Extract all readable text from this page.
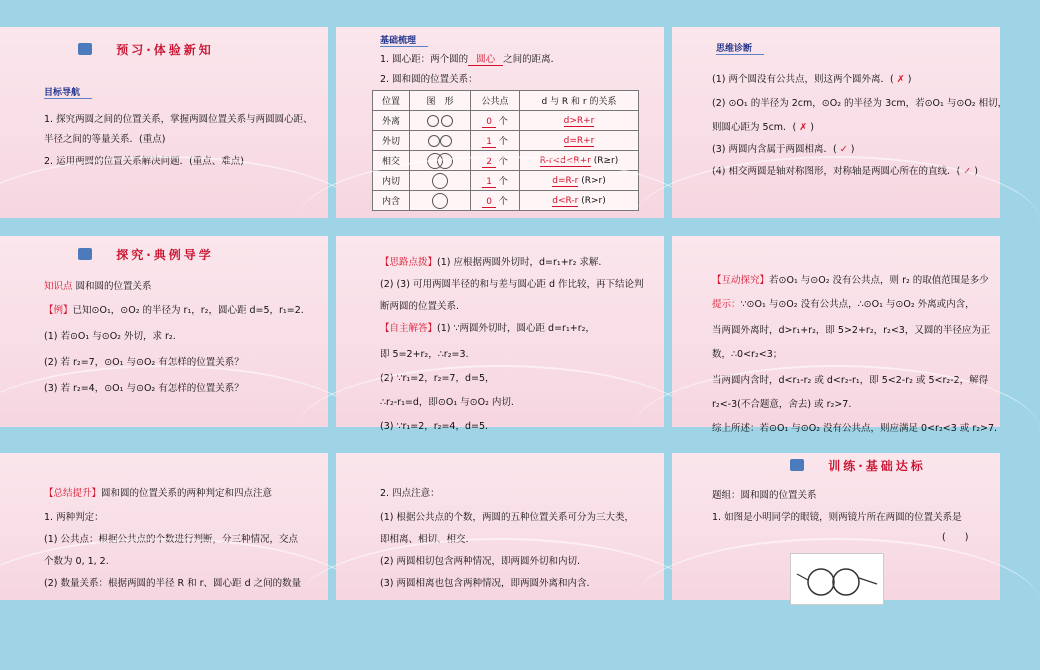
预习·体验新知
目标导航
1. 探究两圆之间的位置关系，掌握两圆位置关系与两圆圆心距、
半径之间的等量关系．(重点)
2. 运用两圆的位置关系解决问题．(重点、难点)
基础梳理
1. 圆心距：两个圆的 圆心 之间的距离．
2. 圆和圆的位置关系：
位置	图　形	公共点	d 与 R 和 r 的关系
外离		0 个	d>R+r
外切		1 个	d=R+r
相交		2 个	R-r<d<R+r (R≥r)
内切		1 个	d=R-r (R>r)
内含		0 个	d<R-r (R>r)
思维诊断
(1) 两个圆没有公共点，则这两个圆外离．( ✗ )
(2) ⊙O₁ 的半径为 2cm，⊙O₂ 的半径为 3cm，若⊙O₁ 与⊙O₂ 相切，
则圆心距为 5cm．( ✗ )
(3) 两圆内含属于两圆相离．( ✓ )
(4) 相交两圆是轴对称图形，对称轴是两圆心所在的直线．( ✓ )
探究·典例导学
知识点 圆和圆的位置关系
【例】已知⊙O₁，⊙O₂ 的半径为 r₁，r₂，圆心距 d=5，r₁=2.
(1) 若⊙O₁ 与⊙O₂ 外切，求 r₂.
(2) 若 r₂=7，⊙O₁ 与⊙O₂ 有怎样的位置关系？
(3) 若 r₂=4，⊙O₁ 与⊙O₂ 有怎样的位置关系？
【思路点拨】(1) 应根据两圆外切时，d=r₁+r₂ 求解.
(2) (3) 可用两圆半径的和与差与圆心距 d 作比较，再下结论判
断两圆的位置关系.
【自主解答】(1) ∵两圆外切时，圆心距 d=r₁+r₂，
即 5=2+r₂，∴r₂=3.
(2) ∵r₁=2，r₂=7，d=5，
∴r₂-r₁=d，即⊙O₁ 与⊙O₂ 内切.
(3) ∵r₁=2，r₂=4，d=5.
【互动探究】若⊙O₁ 与⊙O₂ 没有公共点，则 r₂ 的取值范围是多少
提示：∵⊙O₁ 与⊙O₂ 没有公共点，∴⊙O₁ 与⊙O₂ 外离或内含，
当两圆外离时，d>r₁+r₂，即 5>2+r₂，r₂<3，又圆的半径应为正
数，∴0<r₂<3；
当两圆内含时，d<r₁-r₂ 或 d<r₂-r₁，即 5<2-r₂ 或 5<r₂-2，解得
r₂<-3(不合题意，舍去) 或 r₂>7.
综上所述：若⊙O₁ 与⊙O₂ 没有公共点，则应满足 0<r₂<3 或 r₂>7.
【总结提升】圆和圆的位置关系的两种判定和四点注意
1. 两种判定：
(1) 公共点：根据公共点的个数进行判断，分三种情况，交点
个数为 0, 1, 2.
(2) 数量关系：根据两圆的半径 R 和 r、圆心距 d 之间的数量
2. 四点注意：
(1) 根据公共点的个数，两圆的五种位置关系可分为三大类，
即相离、相切、相交.
(2) 两圆相切包含两种情况，即两圆外切和内切.
(3) 两圆相离也包含两种情况，即两圆外离和内含.
训练·基础达标
题组：圆和圆的位置关系
1. 如图是小明同学的眼镜，则两镜片所在两圆的位置关系是
(　　)
